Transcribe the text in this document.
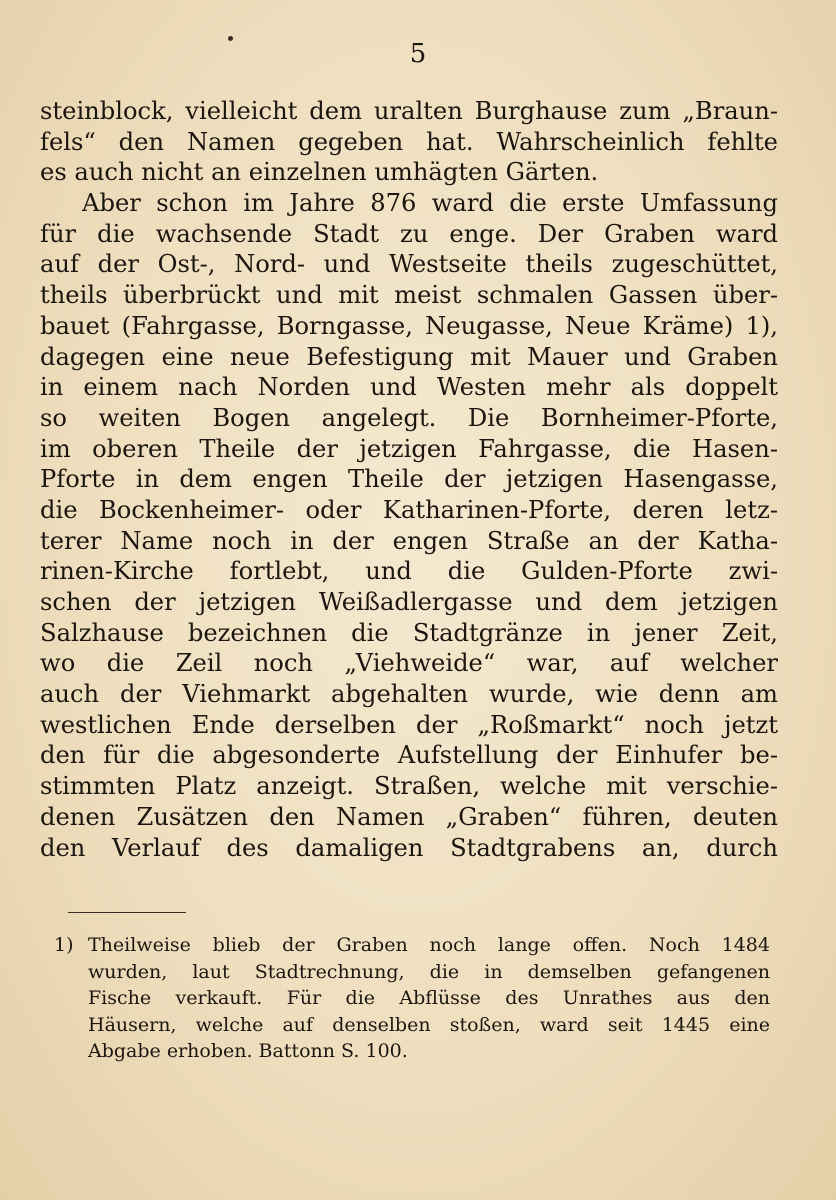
5
steinblock, vielleicht dem uralten Burghause zum „Braun-
fels“ den Namen gegeben hat. Wahrscheinlich fehlte
es auch nicht an einzelnen umhägten Gärten.
Aber schon im Jahre 876 ward die erste Umfassung
für die wachsende Stadt zu enge. Der Graben ward
auf der Ost-, Nord- und Westseite theils zugeschüttet,
theils überbrückt und mit meist schmalen Gassen über-
bauet (Fahrgasse, Borngasse, Neugasse, Neue Kräme) 1),
dagegen eine neue Befestigung mit Mauer und Graben
in einem nach Norden und Westen mehr als doppelt
so weiten Bogen angelegt. Die Bornheimer-Pforte,
im oberen Theile der jetzigen Fahrgasse, die Hasen-
Pforte in dem engen Theile der jetzigen Hasengasse,
die Bockenheimer- oder Katharinen-Pforte, deren letz-
terer Name noch in der engen Straße an der Katha-
rinen-Kirche fortlebt, und die Gulden-Pforte zwi-
schen der jetzigen Weißadlergasse und dem jetzigen
Salzhause bezeichnen die Stadtgränze in jener Zeit,
wo die Zeil noch „Viehweide“ war, auf welcher
auch der Viehmarkt abgehalten wurde, wie denn am
westlichen Ende derselben der „Roßmarkt“ noch jetzt
den für die abgesonderte Aufstellung der Einhufer be-
stimmten Platz anzeigt. Straßen, welche mit verschie-
denen Zusätzen den Namen „Graben“ führen, deuten
den Verlauf des damaligen Stadtgrabens an, durch
1) Theilweise blieb der Graben noch lange offen. Noch 1484
wurden, laut Stadtrechnung, die in demselben gefangenen
Fische verkauft. Für die Abflüsse des Unrathes aus den
Häusern, welche auf denselben stoßen, ward seit 1445 eine
Abgabe erhoben. Battonn S. 100.
